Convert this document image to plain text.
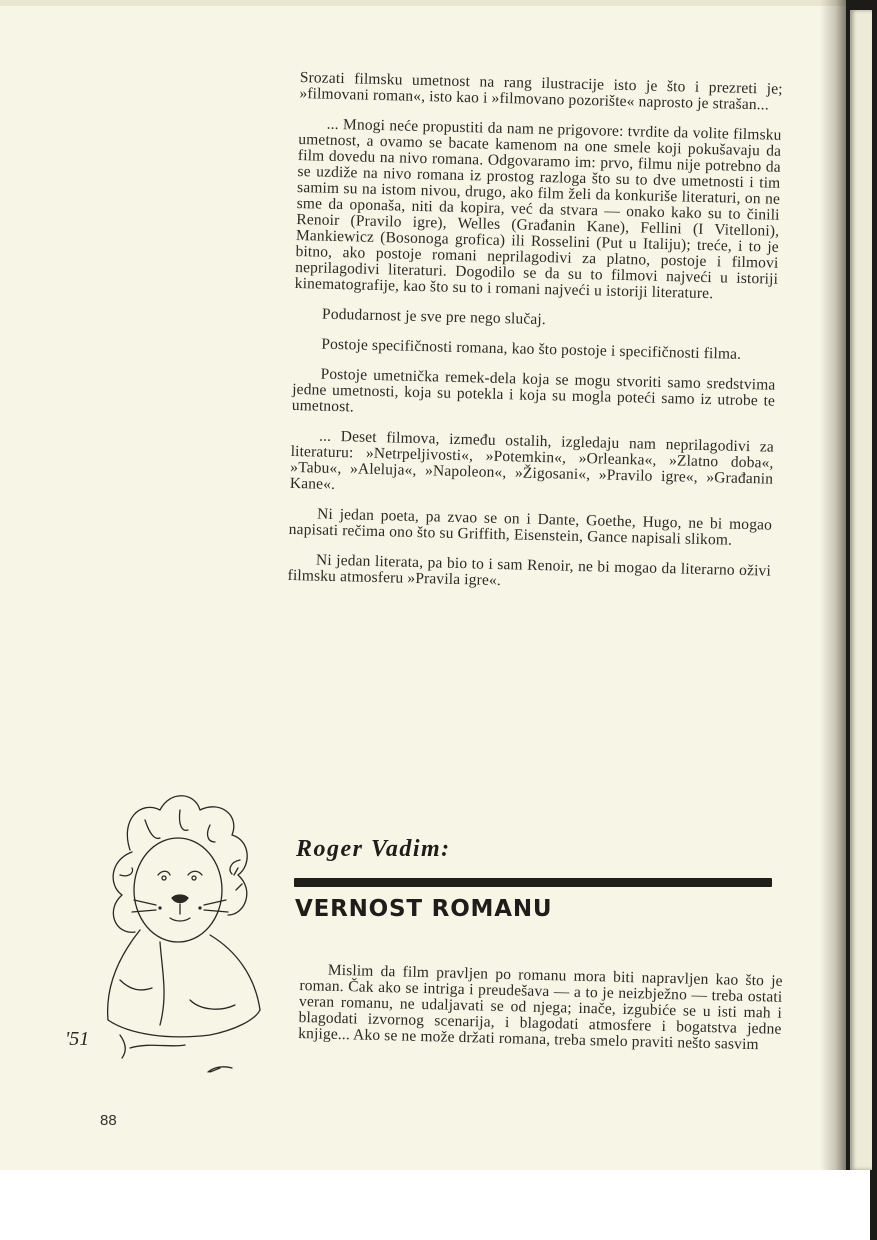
Srozati filmsku umetnost na rang ilustracije isto je što i prezreti je; »filmovani roman«, isto kao i »filmovano pozorište« naprosto je strašan...

... Mnogi neće propustiti da nam ne prigovore: tvrdite da volite filmsku umetnost, a ovamo se bacate kamenom na one smele koji pokušavaju da film dovedu na nivo romana. Odgovaramo im: prvo, filmu nije potrebno da se uzdiže na nivo romana iz prostog razloga što su to dve umetnosti i tim samim su na istom nivou, drugo, ako film želi da konkuriše literaturi, on ne sme da oponaša, niti da kopira, već da stvara — onako kako su to činili Renoir (Pravilo igre), Welles (Građanin Kane), Fellini (I Vitelloni), Mankiewicz (Bosonoga grofica) ili Rosselini (Put u Italiju); treće, i to je bitno, ako postoje romani neprilagodivi za platno, postoje i filmovi neprilagodivi literaturi. Dogodilo se da su to filmovi najveći u istoriji kinematografije, kao što su to i romani najveći u istoriji literature.

Podudarnost je sve pre nego slučaj.

Postoje specifičnosti romana, kao što postoje i specifičnosti filma.

Postoje umetnička remek-dela koja se mogu stvoriti samo sredstvima jedne umetnosti, koja su potekla i koja su mogla poteći samo iz utrobe te umetnost.

... Deset filmova, između ostalih, izgledaju nam neprilagodivi za literaturu: »Netrpeljivosti«, »Potemkin«, »Orleanka«, »Zlatno doba«, »Tabu«, »Aleluja«, »Napoleon«, »Žigosani«, »Pravilo igre«, »Građanin Kane«.

Ni jedan poeta, pa zvao se on i Dante, Goethe, Hugo, ne bi mogao napisati rečima ono što su Griffith, Eisenstein, Gance napisali slikom.

Ni jedan literata, pa bio to i sam Renoir, ne bi mogao da literarno oživi filmsku atmosferu »Pravila igre«.

Roger Vadim:
VERNOST ROMANU

Mislim da film pravljen po romanu mora biti napravljen kao što je roman. Čak ako se intriga i preudešava — a to je neizbježno — treba ostati veran romanu, ne udaljavati se od njega; inače, izgubiće se u isti mah i blagodati izvornog scenarija, i blagodati atmosfere i bogatstva jedne knjige... Ako se ne može držati romana, treba smelo praviti nešto sasvim

'51
88
